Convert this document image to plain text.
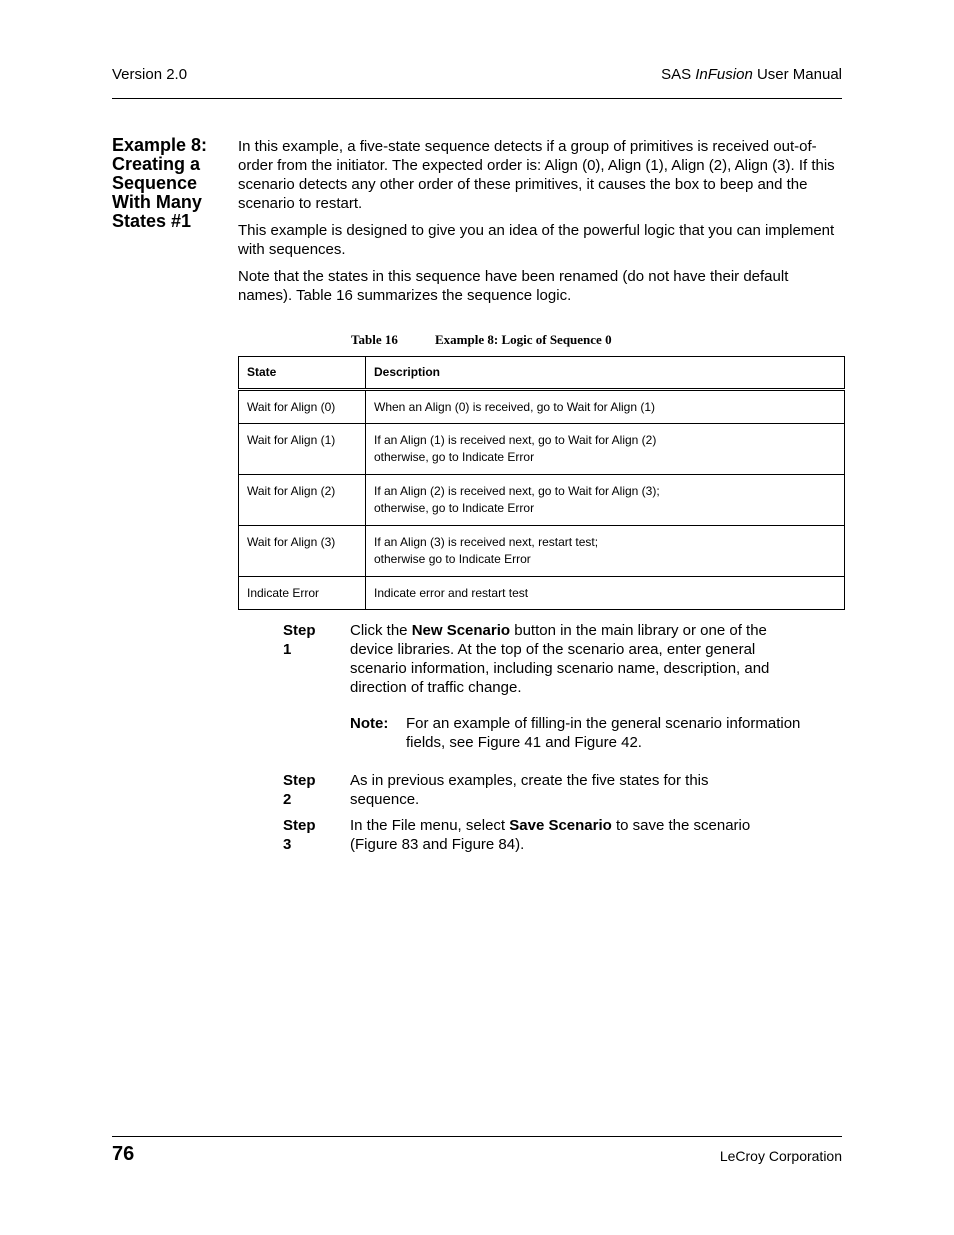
Version 2.0	SAS InFusion User Manual
Example 8:
Creating a
Sequence
With Many
States #1

In this example, a five-state sequence detects if a group of primitives is received out-of-order from the initiator. The expected order is: Align (0), Align (1), Align (2), Align (3). If this scenario detects any other order of these primitives, it causes the box to beep and the scenario to restart.

This example is designed to give you an idea of the powerful logic that you can implement with sequences.

Note that the states in this sequence have been renamed (do not have their default names). Table 16 summarizes the sequence logic.

Table 16	Example 8: Logic of Sequence 0
State	Description
Wait for Align (0)	When an Align (0) is received, go to Wait for Align (1)

Wait for Align (1)	If an Align (1) is received next, go to Wait for Align (2)
otherwise, go to Indicate Error

Wait for Align (2)	If an Align (2) is received next, go to Wait for Align (3);
otherwise, go to Indicate Error

Wait for Align (3)	If an Align (3) is received next, restart test;
otherwise go to Indicate Error

Indicate Error	Indicate error and restart test
Step 1
Click the New Scenario button in the main library or one of the device libraries. At the top of the scenario area, enter general scenario information, including scenario name, description, and direction of traffic change.
Note: For an example of filling-in the general scenario information
fields, see Figure 41 and Figure 42.
Step 2
As in previous examples, create the five states for this sequence.
Step 3
In the File menu, select Save Scenario to save the scenario (Figure 83 and Figure 84).
76	LeCroy Corporation
